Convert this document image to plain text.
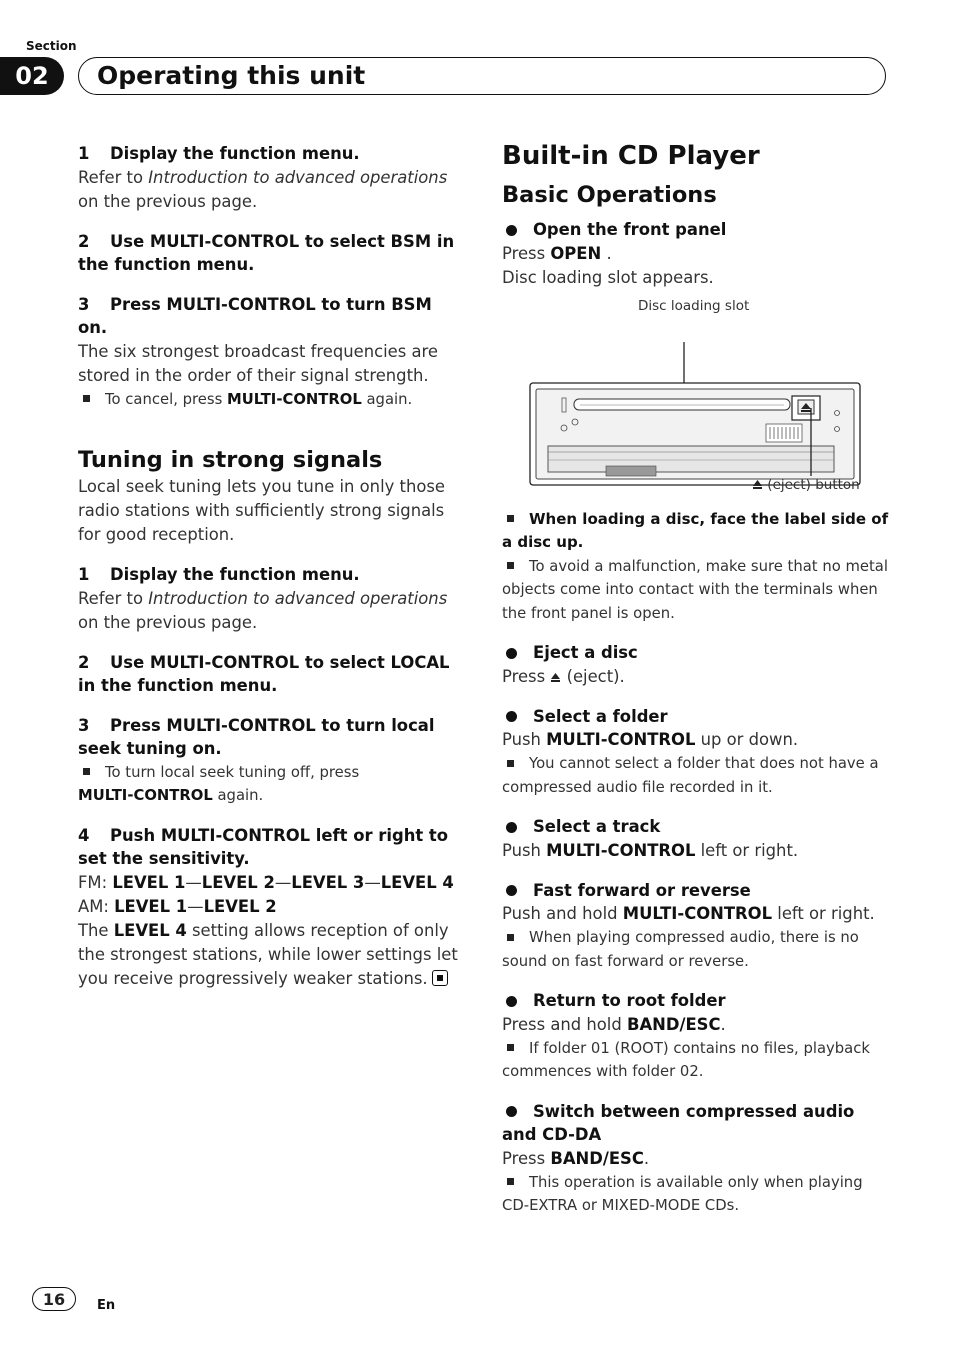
Section
02	Operating this unit

1 Display the function menu.

Refer to Introduction to advanced operations on the previous page.

2 Use MULTI-CONTROL to select BSM in the function menu.

3 Press MULTI-CONTROL to turn BSM on.

The six strongest broadcast frequencies are stored in the order of their signal strength.

To cancel, press MULTI-CONTROL again.

Tuning in strong signals

Local seek tuning lets you tune in only those radio stations with sufficiently strong signals for good reception.

1 Display the function menu.

Refer to Introduction to advanced operations on the previous page.

2 Use MULTI-CONTROL to select LOCAL in the function menu.

3 Press MULTI-CONTROL to turn local seek tuning on.

To turn local seek tuning off, press
MULTI-CONTROL again.

4 Push MULTI-CONTROL left or right to set the sensitivity.

FM: LEVEL 1—LEVEL 2—LEVEL 3—LEVEL 4

AM: LEVEL 1—LEVEL 2

The LEVEL 4 setting allows reception of only the strongest stations, while lower settings let you receive progressively weaker stations.

Built-in CD Player

Basic Operations

Open the front panel

Press OPEN .

Disc loading slot appears.

Disc loading slot
(eject) button

When loading a disc, face the label side of a disc up.

To avoid a malfunction, make sure that no metal objects come into contact with the terminals when the front panel is open.

Eject a disc

Press  (eject).

Select a folder

Push MULTI-CONTROL up or down.

You cannot select a folder that does not have a compressed audio file recorded in it.

Select a track

Push MULTI-CONTROL left or right.

Fast forward or reverse

Push and hold MULTI-CONTROL left or right.

When playing compressed audio, there is no sound on fast forward or reverse.

Return to root folder

Press and hold BAND/ESC.

If folder 01 (ROOT) contains no files, playback commences with folder 02.

Switch between compressed audio and CD-DA

Press BAND/ESC.

This operation is available only when playing CD-EXTRA or MIXED-MODE CDs.

16	En
